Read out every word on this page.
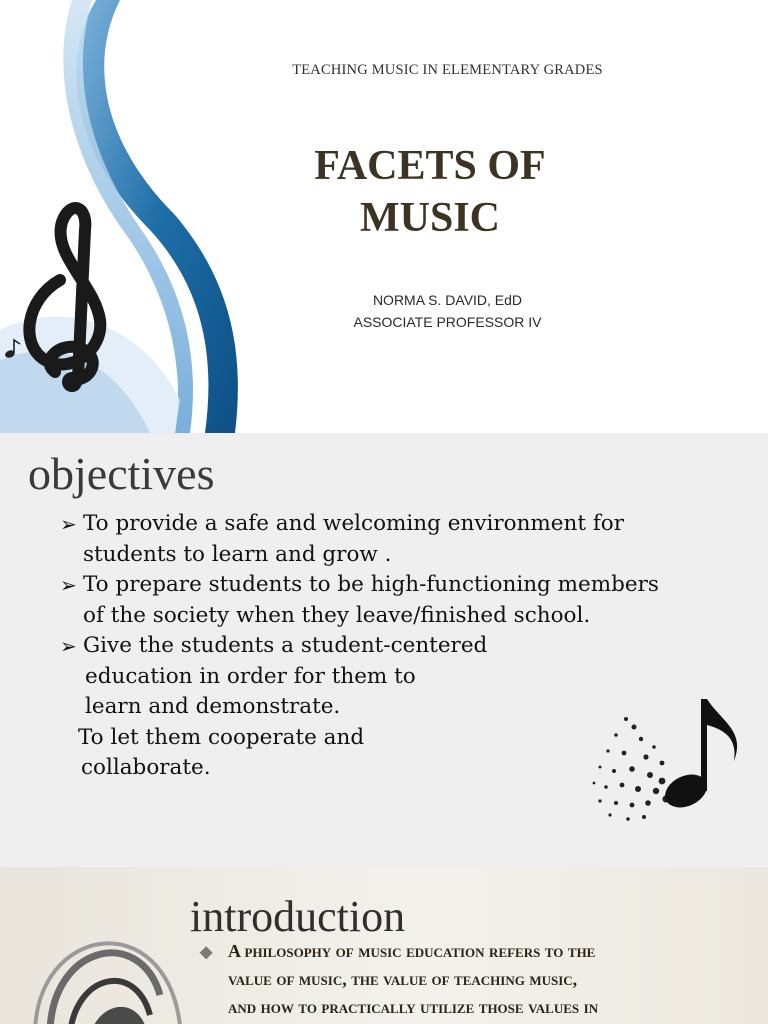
TEACHING MUSIC IN ELEMENTARY GRADES
FACETS OF
MUSIC
NORMA S. DAVID, EdD
ASSOCIATE PROFESSOR IV
objectives
➢ To provide a safe and welcoming environment for
students to learn and grow .
➢ To prepare students to be high-functioning members
of the society when they leave/finished school.
➢ Give the students a student-centered
education in order for them to
learn and demonstrate.
To let them cooperate and
collaborate.
introduction
◆ A philosophy of music education refers to the
value of music, the value of teaching music,
and how to practically utilize those values in
